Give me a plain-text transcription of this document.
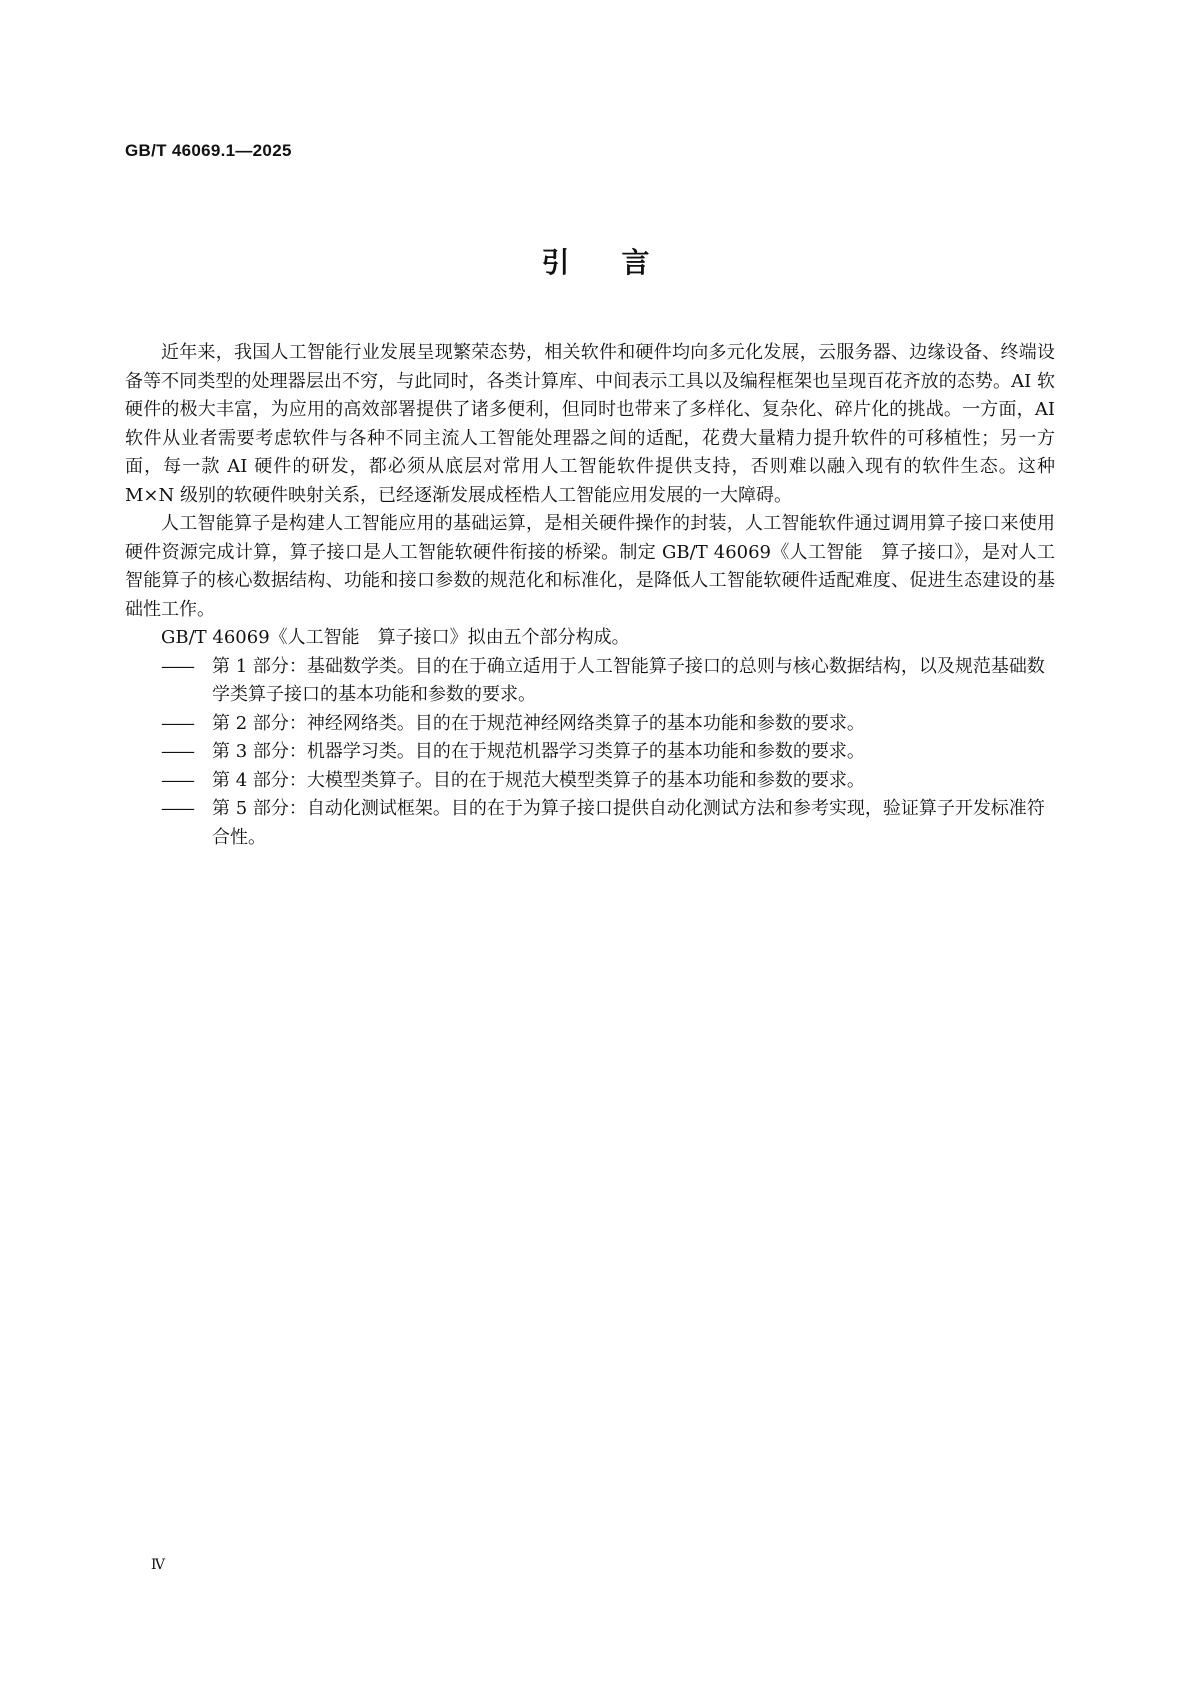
GB/T 46069.1—2025
引言

近年来，我国人工智能行业发展呈现繁荣态势，相关软件和硬件均向多元化发展，云服务器、边缘设备、终端设备等不同类型的处理器层出不穷，与此同时，各类计算库、中间表示工具以及编程框架也呈现百花齐放的态势。AI 软硬件的极大丰富，为应用的高效部署提供了诸多便利，但同时也带来了多样化、复杂化、碎片化的挑战。一方面，AI 软件从业者需要考虑软件与各种不同主流人工智能处理器之间的适配，花费大量精力提升软件的可移植性；另一方面，每一款 AI 硬件的研发，都必须从底层对常用人工智能软件提供支持，否则难以融入现有的软件生态。这种 M×N 级别的软硬件映射关系，已经逐渐发展成桎梏人工智能应用发展的一大障碍。

人工智能算子是构建人工智能应用的基础运算，是相关硬件操作的封装，人工智能软件通过调用算子接口来使用硬件资源完成计算，算子接口是人工智能软硬件衔接的桥梁。制定 GB/T 46069《人工智能　算子接口》，是对人工智能算子的核心数据结构、功能和接口参数的规范化和标准化，是降低人工智能软硬件适配难度、促进生态建设的基础性工作。

GB/T 46069《人工智能　算子接口》拟由五个部分构成。

——	第 1 部分：基础数学类。目的在于确立适用于人工智能算子接口的总则与核心数据结构，以及规范基础数学类算子接口的基本功能和参数的要求。

——	第 2 部分：神经网络类。目的在于规范神经网络类算子的基本功能和参数的要求。

——	第 3 部分：机器学习类。目的在于规范机器学习类算子的基本功能和参数的要求。

——	第 4 部分：大模型类算子。目的在于规范大模型类算子的基本功能和参数的要求。

——	第 5 部分：自动化测试框架。目的在于为算子接口提供自动化测试方法和参考实现，验证算子开发标准符合性。

Ⅳ
